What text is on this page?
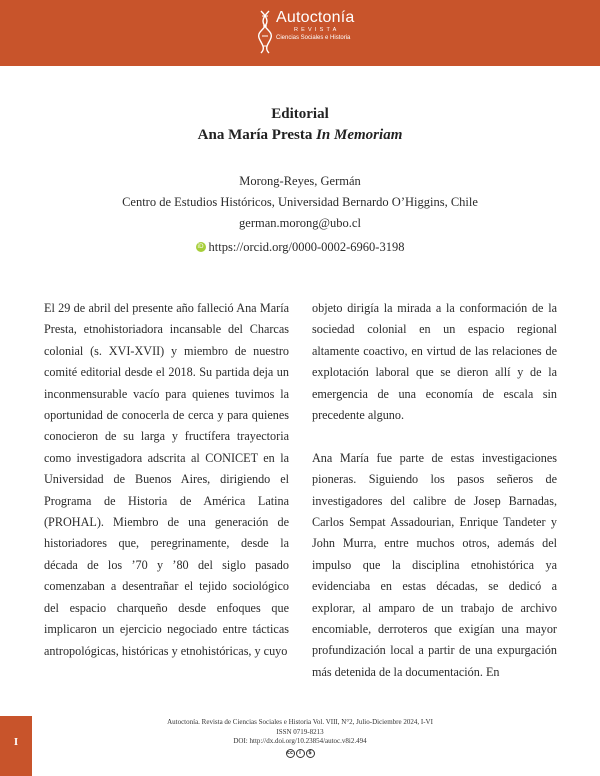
Autoctonía
REVISTA
Ciencias Sociales e Historia
Editorial
Ana María Presta In Memoriam
Morong-Reyes, Germán
Centro de Estudios Históricos, Universidad Bernardo O’Higgins, Chile
german.morong@ubo.cl
iD https://orcid.org/0000-0002-6960-3198

El 29 de abril del presente año falleció Ana María Presta, etnohistoriadora incansable del Charcas colonial (s. XVI-XVII) y miembro de nuestro comité editorial desde el 2018. Su partida deja un inconmensurable vacío para quienes tuvimos la oportunidad de conocerla de cerca y para quienes conocieron de su larga y fructífera trayectoria como investigadora adscrita al CONICET en la Universidad de Buenos Aires, dirigiendo el Programa de Historia de América Latina (PROHAL). Miembro de una generación de historiadores que, peregrinamente, desde la década de los ’70 y ’80 del siglo pasado comenzaban a desentrañar el tejido sociológico del espacio charqueño desde enfoques que implicaron un ejercicio negociado entre tácticas antropológicas, históricas y etnohistóricas, y cuyo

objeto dirigía la mirada a la conformación de la sociedad colonial en un espacio regional altamente coactivo, en virtud de las relaciones de explotación laboral que se dieron allí y de la emergencia de una economía de escala sin precedente alguno.

Ana María fue parte de estas investigaciones pioneras. Siguiendo los pasos señeros de investigadores del calibre de Josep Barnadas, Carlos Sempat Assadourian, Enrique Tandeter y John Murra, entre muchos otros, además del impulso que la disciplina etnohistórica ya evidenciaba en estas décadas, se dedicó a explorar, al amparo de un trabajo de archivo encomiable, derroteros que exigían una mayor profundización local a partir de una expurgación más detenida de la documentación. En

Autoctonía. Revista de Ciencias Sociales e Historia Vol. VIII, N°2, Julio-Diciembre 2024, I-VI
ISSN 0719-8213
DOI: http://dx.doi.org/10.23854/autoc.v8i2.494
cc	i	$
I
